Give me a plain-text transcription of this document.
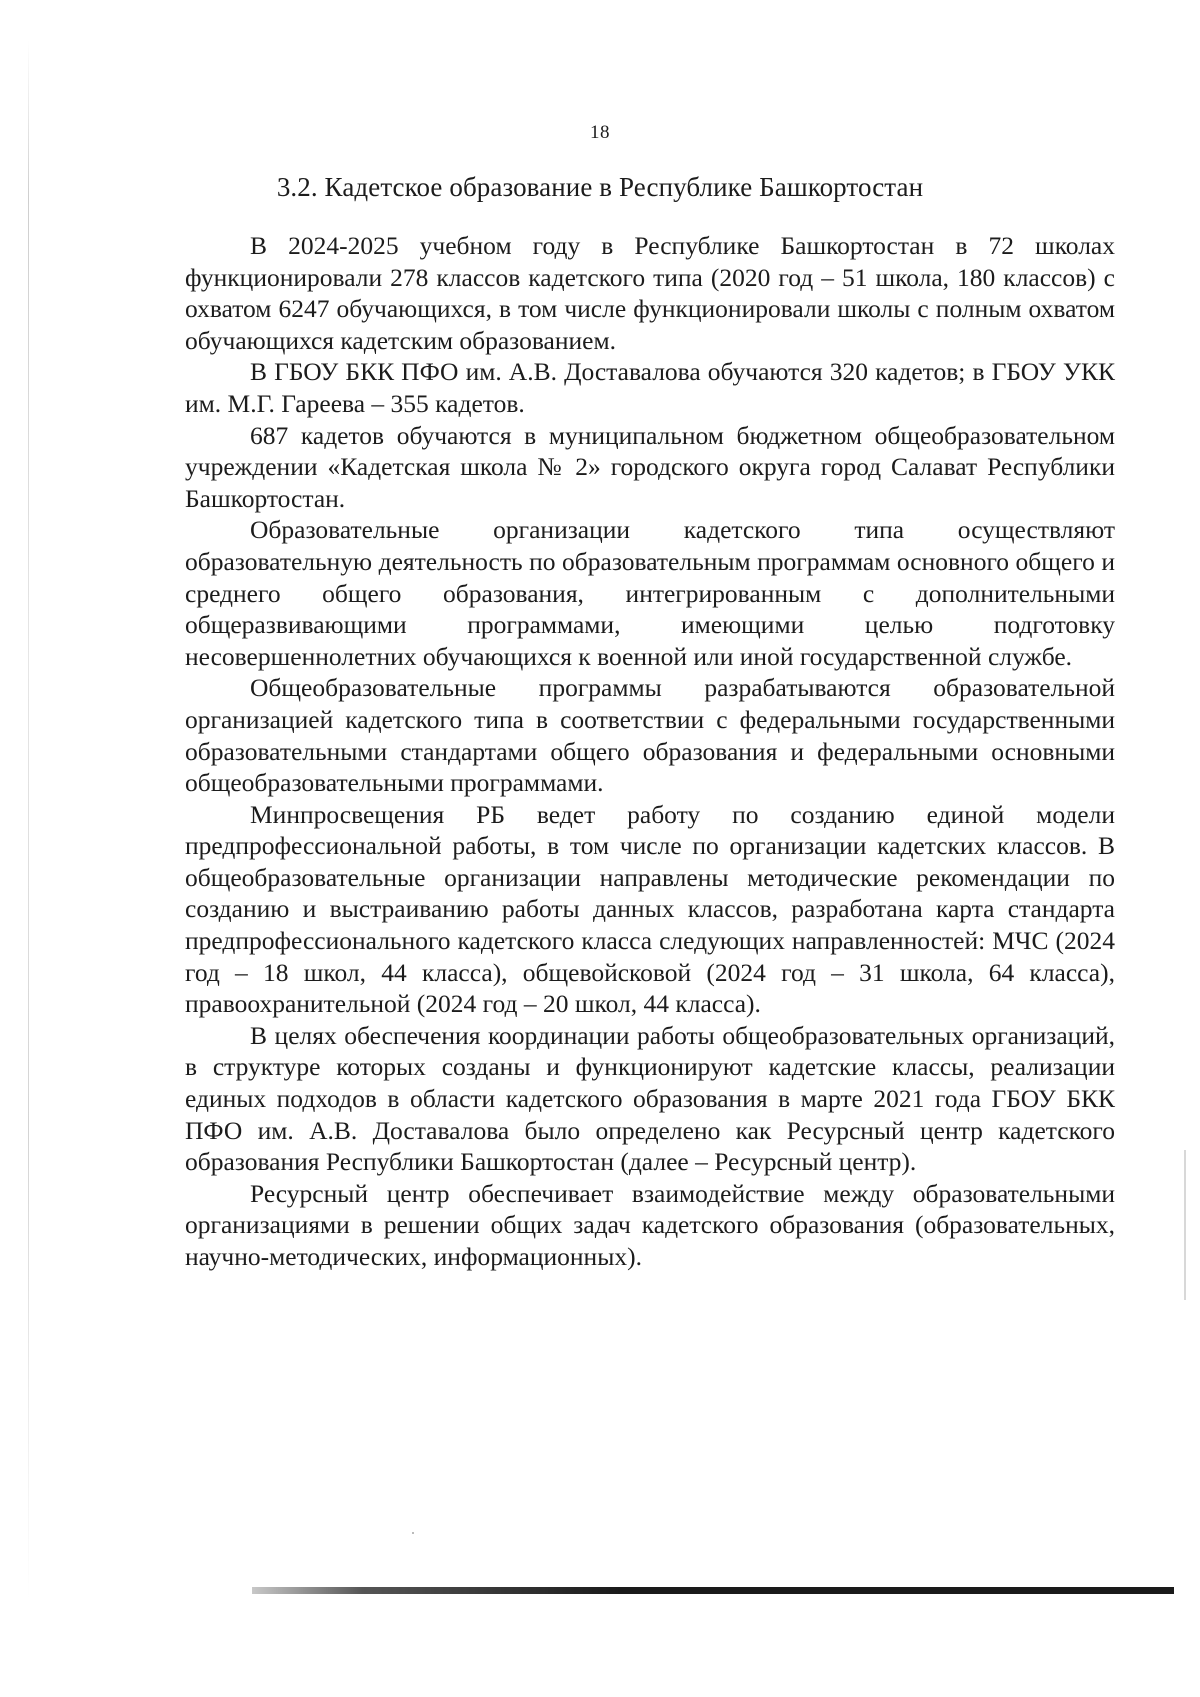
18
3.2. Кадетское образование в Республике Башкортостан

В 2024-2025 учебном году в Республике Башкортостан в 72 школах функционировали 278 классов кадетского типа (2020 год – 51 школа, 180 классов) с охватом 6247 обучающихся, в том числе функционировали школы с полным охватом обучающихся кадетским образованием.

В ГБОУ БКК ПФО им. А.В. Доставалова обучаются 320 кадетов; в ГБОУ УКК им. М.Г. Гареева – 355 кадетов.

687 кадетов обучаются в муниципальном бюджетном общеобразовательном учреждении «Кадетская школа № 2» городского округа город Салават Республики Башкортостан.

Образовательные организации кадетского типа осуществляют образовательную деятельность по образовательным программам основного общего и среднего общего образования, интегрированным с дополнительными общеразвивающими программами, имеющими целью подготовку несовершеннолетних обучающихся к военной или иной государственной службе.

Общеобразовательные программы разрабатываются образовательной организацией кадетского типа в соответствии с федеральными государственными образовательными стандартами общего образования и федеральными основными общеобразовательными программами.

Минпросвещения РБ ведет работу по созданию единой модели предпрофессиональной работы, в том числе по организации кадетских классов. В общеобразовательные организации направлены методические рекомендации по созданию и выстраиванию работы данных классов, разработана карта стандарта предпрофессионального кадетского класса следующих направленностей: МЧС (2024 год – 18 школ, 44 класса), общевойсковой (2024 год – 31 школа, 64 класса), правоохранительной (2024 год – 20 школ, 44 класса).

В целях обеспечения координации работы общеобразовательных организаций, в структуре которых созданы и функционируют кадетские классы, реализации единых подходов в области кадетского образования в марте 2021 года ГБОУ БКК ПФО им. А.В. Доставалова было определено как Ресурсный центр кадетского образования Республики Башкортостан (далее – Ресурсный центр).

Ресурсный центр обеспечивает взаимодействие между образовательными организациями в решении общих задач кадетского образования (образовательных, научно-методических, информационных).
